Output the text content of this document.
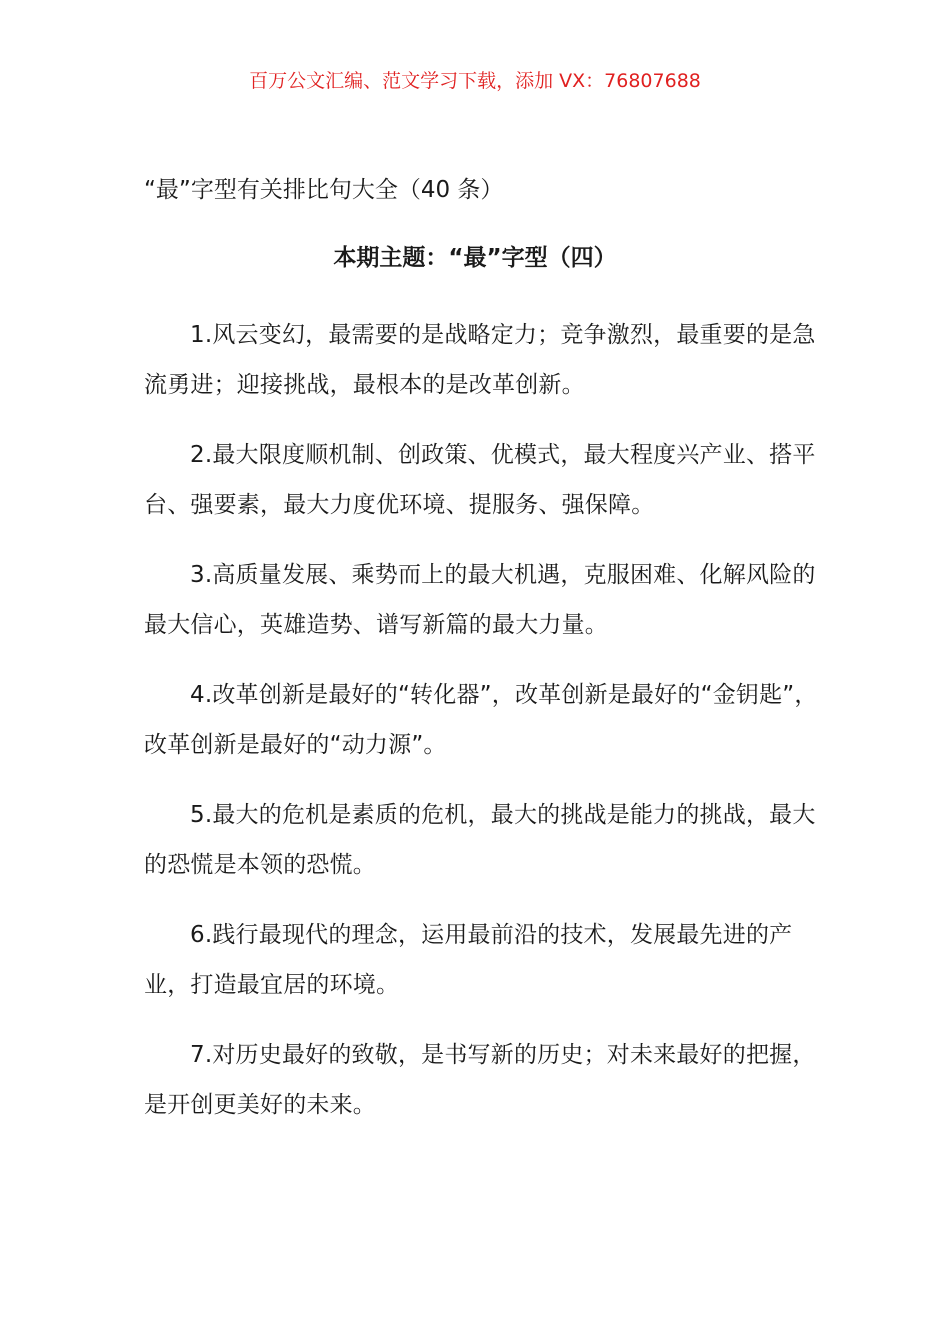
百万公文汇编、范文学习下载，添加 VX：76807688
“最”字型有关排比句大全（40 条）
本期主题：“最”字型（四）
1.风云变幻，最需要的是战略定力；竞争激烈，最重要的是急流勇进；迎接挑战，最根本的是改革创新。
2.最大限度顺机制、创政策、优模式，最大程度兴产业、搭平台、强要素，最大力度优环境、提服务、强保障。
3.高质量发展、乘势而上的最大机遇，克服困难、化解风险的最大信心，英雄造势、谱写新篇的最大力量。
4.改革创新是最好的“转化器”，改革创新是最好的“金钥匙”，改革创新是最好的“动力源”。
5.最大的危机是素质的危机，最大的挑战是能力的挑战，最大的恐慌是本领的恐慌。
6.践行最现代的理念，运用最前沿的技术，发展最先进的产业，打造最宜居的环境。
7.对历史最好的致敬，是书写新的历史；对未来最好的把握，是开创更美好的未来。
